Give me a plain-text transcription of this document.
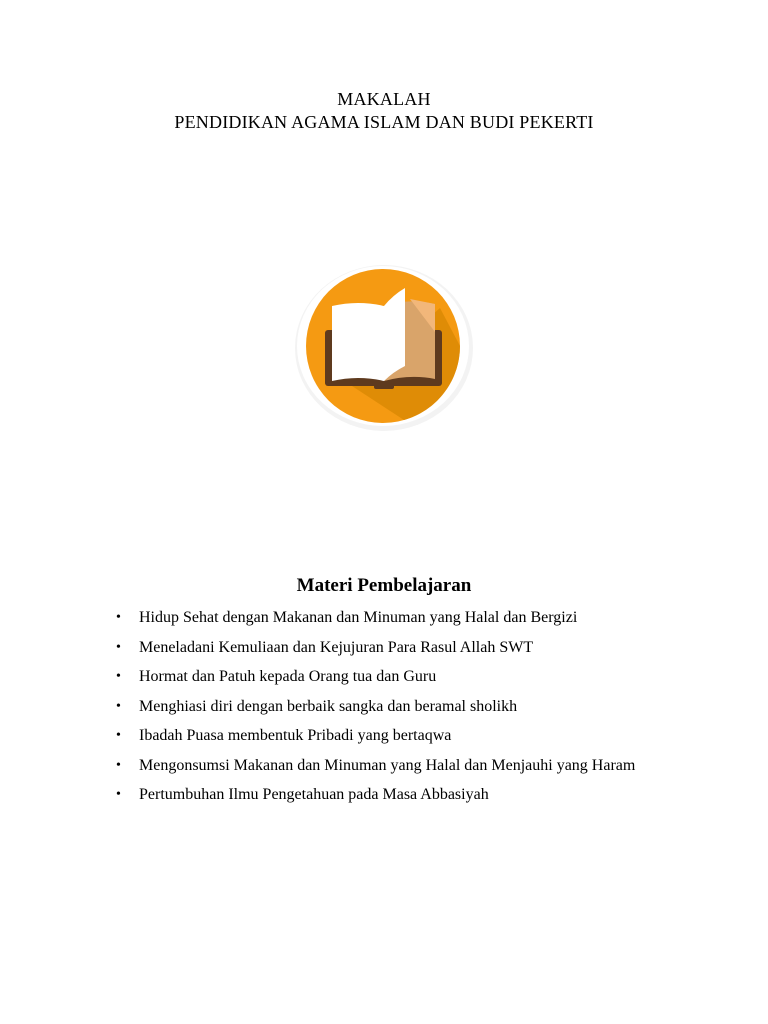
MAKALAH
PENDIDIKAN AGAMA ISLAM DAN BUDI PEKERTI
Materi Pembelajaran
• Hidup Sehat dengan Makanan dan Minuman yang Halal dan Bergizi
• Meneladani Kemuliaan dan Kejujuran Para Rasul Allah SWT
• Hormat dan Patuh kepada Orang tua dan Guru
• Menghiasi diri dengan berbaik sangka dan beramal sholikh
• Ibadah Puasa membentuk Pribadi yang bertaqwa
• Mengonsumsi Makanan dan Minuman yang Halal dan Menjauhi yang Haram
• Pertumbuhan Ilmu Pengetahuan pada Masa Abbasiyah
